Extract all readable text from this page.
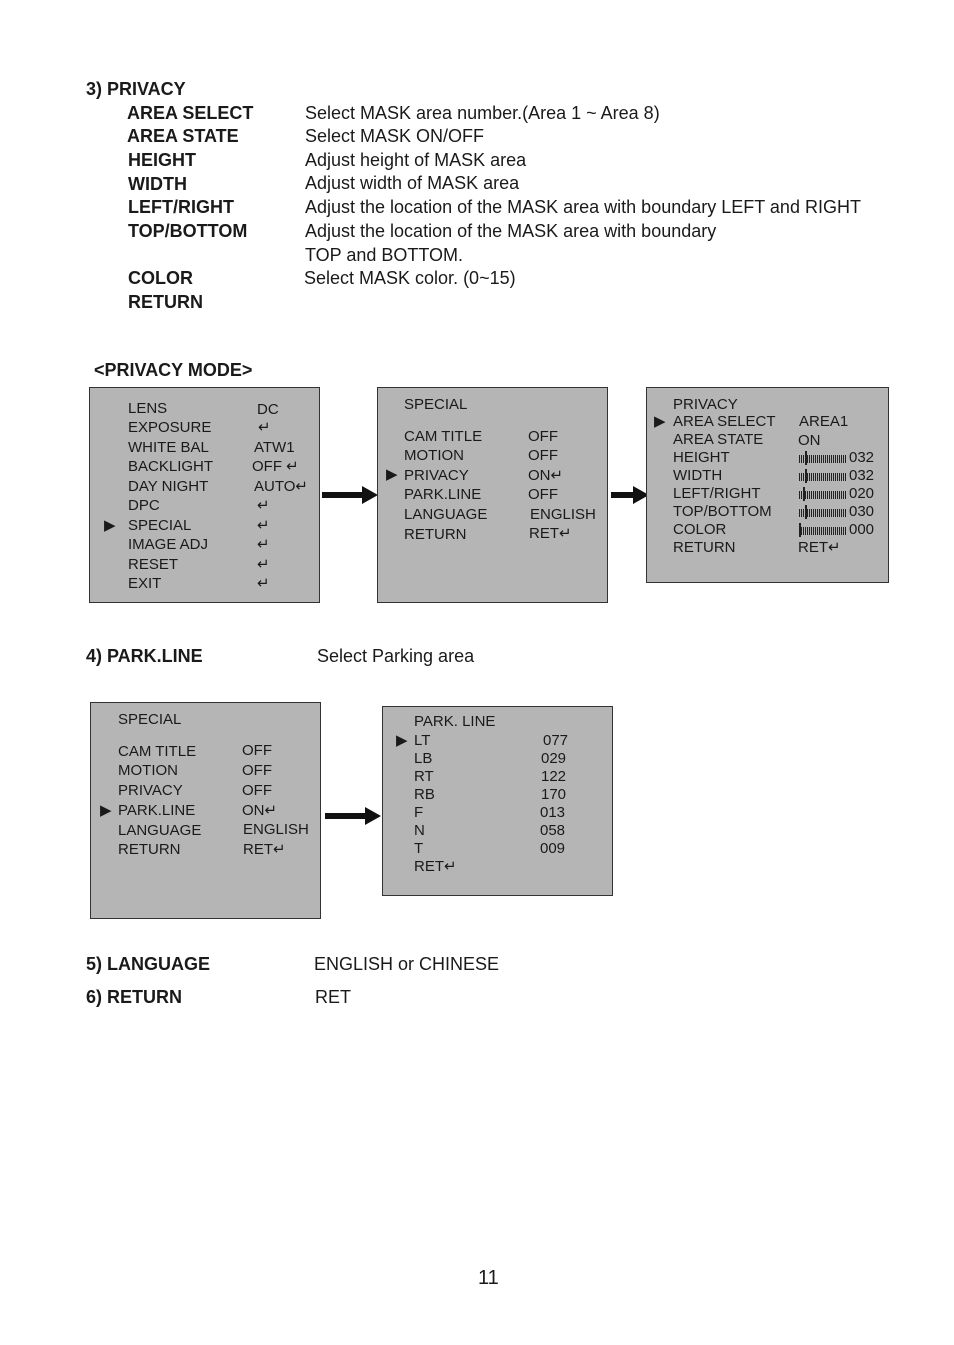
3) PRIVACY
AREA SELECT	Select MASK area number.(Area 1 ~ Area 8)
AREA STATE	Select MASK ON/OFF
HEIGHT	Adjust height of MASK area
WIDTH	Adjust width of MASK area
LEFT/RIGHT	Adjust the location of the MASK area with boundary LEFT and RIGHT
TOP/BOTTOM	Adjust the location of the MASK area with boundary
TOP and BOTTOM.
COLOR	Select MASK color. (0~15)
RETURN
<PRIVACY MODE>
LENS	DC
EXPOSURE	↵
WHITE BAL	ATW1
BACKLIGHT	OFF ↵
DAY NIGHT	AUTO↵
DPC	↵
▶ SPECIAL	↵
IMAGE ADJ	↵
RESET	↵
EXIT	↵
SPECIAL
CAM TITLE	OFF
MOTION	OFF
▶ PRIVACY	ON↵
PARK.LINE	OFF
LANGUAGE	ENGLISH
RETURN	RET↵
PRIVACY
▶ AREA SELECT AREA1
AREA STATE ON
HEIGHT	032
WIDTH	032
LEFT/RIGHT	020
TOP/BOTTOM	030
COLOR	000
RETURN	RET↵
4) PARK.LINE	Select Parking area
SPECIAL
CAM TITLE	OFF
MOTION	OFF
PRIVACY	OFF
▶ PARK.LINE	ON↵
LANGUAGE	ENGLISH
RETURN	RET↵
PARK. LINE
▶ LT	077
LB	029
RT	122
RB	170
F	013
N	058
T	009
RET↵
5) LANGUAGE	ENGLISH or CHINESE
6) RETURN	RET
11
